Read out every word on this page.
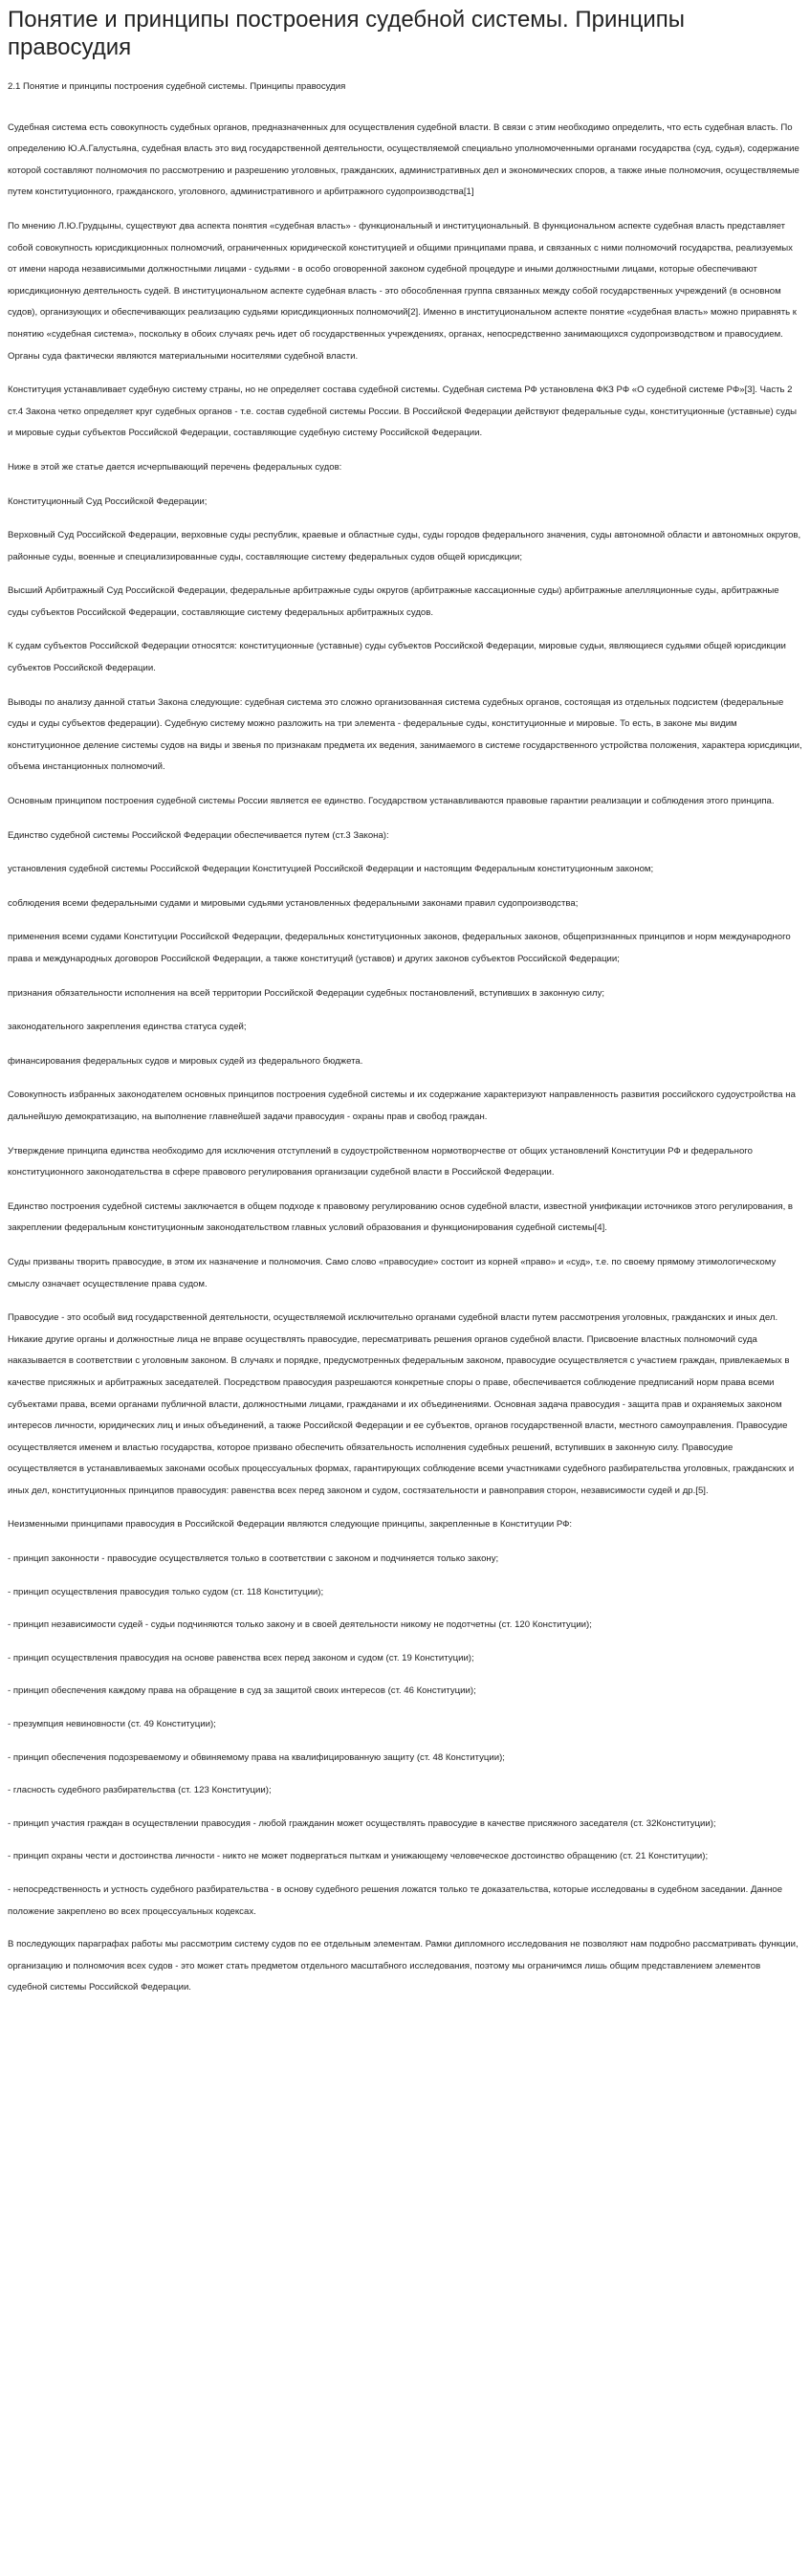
Понятие и принципы построения судебной системы. Принципы правосудия

2.1 Понятие и принципы построения судебной системы. Принципы правосудия

Судебная система есть совокупность судебных органов, предназначенных для осуществления судебной власти. В связи с этим необходимо определить, что есть судебная власть. По определению Ю.А.Галустьяна, судебная власть это вид государственной деятельности, осуществляемой специально уполномоченными органами государства (суд, судья), содержание которой составляют полномочия по рассмотрению и разрешению уголовных, гражданских, административных дел и экономических споров, а также иные полномочия, осуществляемые путем конституционного, гражданского, уголовного, административного и арбитражного судопроизводства[1]

По мнению Л.Ю.Грудцыны, существуют два аспекта понятия «судебная власть» - функциональный и институциональный. В функциональном аспекте судебная власть представляет собой совокупность юрисдикционных полномочий, ограниченных юридической конституцией и общими принципами права, и связанных с ними полномочий государства, реализуемых от имени народа независимыми должностными лицами - судьями - в особо оговоренной законом судебной процедуре и иными должностными лицами, которые обеспечивают юрисдикционную деятельность судей. В институциональном аспекте судебная власть - это обособленная группа связанных между собой государственных учреждений (в основном судов), организующих и обеспечивающих реализацию судьями юрисдикционных полномочий[2]. Именно в институциональном аспекте понятие «судебная власть» можно приравнять к понятию «судебная система», поскольку в обоих случаях речь идет об государственных учреждениях, органах, непосредственно занимающихся судопроизводством и правосудием. Органы суда фактически являются материальными носителями судебной власти.

Конституция устанавливает судебную систему страны, но не определяет состава судебной системы. Судебная система РФ установлена ФКЗ РФ «О судебной системе РФ»[3]. Часть 2 ст.4 Закона четко определяет круг судебных органов - т.е. состав судебной системы России. В Российской Федерации действуют федеральные суды, конституционные (уставные) суды и мировые судьи субъектов Российской Федерации, составляющие судебную систему Российской Федерации.

Ниже в этой же статье дается исчерпывающий перечень федеральных судов:

Конституционный Суд Российской Федерации;

Верховный Суд Российской Федерации, верховные суды республик, краевые и областные суды, суды городов федерального значения, суды автономной области и автономных округов, районные суды, военные и специализированные суды, составляющие систему федеральных судов общей юрисдикции;

Высший Арбитражный Суд Российской Федерации, федеральные арбитражные суды округов (арбитражные кассационные суды) арбитражные апелляционные суды, арбитражные суды субъектов Российской Федерации, составляющие систему федеральных арбитражных судов.

К судам субъектов Российской Федерации относятся: конституционные (уставные) суды субъектов Российской Федерации, мировые судьи, являющиеся судьями общей юрисдикции субъектов Российской Федерации.

Выводы по анализу данной статьи Закона следующие: судебная система это сложно организованная система судебных органов, состоящая из отдельных подсистем (федеральные суды и суды субъектов федерации). Судебную систему можно разложить на три элемента - федеральные суды, конституционные и мировые. То есть, в законе мы видим конституционное деление системы судов на виды и звенья по признакам предмета их ведения, занимаемого в системе государственного устройства положения, характера юрисдикции, объема инстанционных полномочий.

Основным принципом построения судебной системы России является ее единство. Государством устанавливаются правовые гарантии реализации и соблюдения этого принципа.

Единство судебной системы Российской Федерации обеспечивается путем (ст.3 Закона):

установления судебной системы Российской Федерации Конституцией Российской Федерации и настоящим Федеральным конституционным законом;

соблюдения всеми федеральными судами и мировыми судьями установленных федеральными законами правил судопроизводства;

применения всеми судами Конституции Российской Федерации, федеральных конституционных законов, федеральных законов, общепризнанных принципов и норм международного права и международных договоров Российской Федерации, а также конституций (уставов) и других законов субъектов Российской Федерации;

признания обязательности исполнения на всей территории Российской Федерации судебных постановлений, вступивших в законную силу;

законодательного закрепления единства статуса судей;

финансирования федеральных судов и мировых судей из федерального бюджета.

Совокупность избранных законодателем основных принципов построения судебной системы и их содержание характеризуют направленность развития российского судоустройства на дальнейшую демократизацию, на выполнение главнейшей задачи правосудия - охраны прав и свобод граждан.

Утверждение принципа единства необходимо для исключения отступлений в судоустройственном нормотворчестве от общих установлений Конституции РФ и федерального конституционного законодательства в сфере правового регулирования организации судебной власти в Российской Федерации.

Единство построения судебной системы заключается в общем подходе к правовому регулированию основ судебной власти, известной унификации источников этого регулирования, в закреплении федеральным конституционным законодательством главных условий образования и функционирования судебной системы[4].

Суды призваны творить правосудие, в этом их назначение и полномочия. Само слово «правосудие» состоит из корней «право» и «суд», т.е. по своему прямому этимологическому смыслу означает осуществление права судом.

Правосудие - это особый вид государственной деятельности, осуществляемой исключительно органами судебной власти путем рассмотрения уголовных, гражданских и иных дел. Никакие другие органы и должностные лица не вправе осуществлять правосудие, пересматривать решения органов судебной власти. Присвоение властных полномочий суда наказывается в соответствии с уголовным законом. В случаях и порядке, предусмотренных федеральным законом, правосудие осуществляется с участием граждан, привлекаемых в качестве присяжных и арбитражных заседателей. Посредством правосудия разрешаются конкретные споры о праве, обеспечивается соблюдение предписаний норм права всеми субъектами права, всеми органами публичной власти, должностными лицами, гражданами и их объединениями. Основная задача правосудия - защита прав и охраняемых законом интересов личности, юридических лиц и иных объединений, а также Российской Федерации и ее субъектов, органов государственной власти, местного самоуправления. Правосудие осуществляется именем и властью государства, которое призвано обеспечить обязательность исполнения судебных решений, вступивших в законную силу. Правосудие осуществляется в устанавливаемых законами особых процессуальных формах, гарантирующих соблюдение всеми участниками судебного разбирательства уголовных, гражданских и иных дел, конституционных принципов правосудия: равенства всех перед законом и судом, состязательности и равноправия сторон, независимости судей и др.[5].

Неизменными принципами правосудия в Российской Федерации являются следующие принципы, закрепленные в Конституции РФ:

- принцип законности - правосудие осуществляется только в соответствии с законом и подчиняется только закону;

- принцип осуществления правосудия только судом (ст. 118 Конституции);

- принцип независимости судей - судьи подчиняются только закону и в своей деятельности никому не подотчетны (ст. 120 Конституции);

- принцип осуществления правосудия на основе равенства всех перед законом и судом (ст. 19 Конституции);

- принцип обеспечения каждому права на обращение в суд за защитой своих интересов (ст. 46 Конституции);

- презумпция невиновности (ст. 49 Конституции);

- принцип обеспечения подозреваемому и обвиняемому права на квалифицированную защиту (ст. 48 Конституции);

- гласность судебного разбирательства (ст. 123 Конституции);

- принцип участия граждан в осуществлении правосудия - любой гражданин может осуществлять правосудие в качестве присяжного заседателя (ст. 32Конституции);

- принцип охраны чести и достоинства личности - никто не может подвергаться пыткам и унижающему человеческое достоинство обращению (ст. 21 Конституции);

- непосредственность и устность судебного разбирательства - в основу судебного решения ложатся только те доказательства, которые исследованы в судебном заседании. Данное положение закреплено во всех процессуальных кодексах.

В последующих параграфах работы мы рассмотрим систему судов по ее отдельным элементам. Рамки дипломного исследования не позволяют нам подробно рассматривать функции, организацию и полномочия всех судов - это может стать предметом отдельного масштабного исследования, поэтому мы ограничимся лишь общим представлением элементов судебной системы Российской Федерации.
